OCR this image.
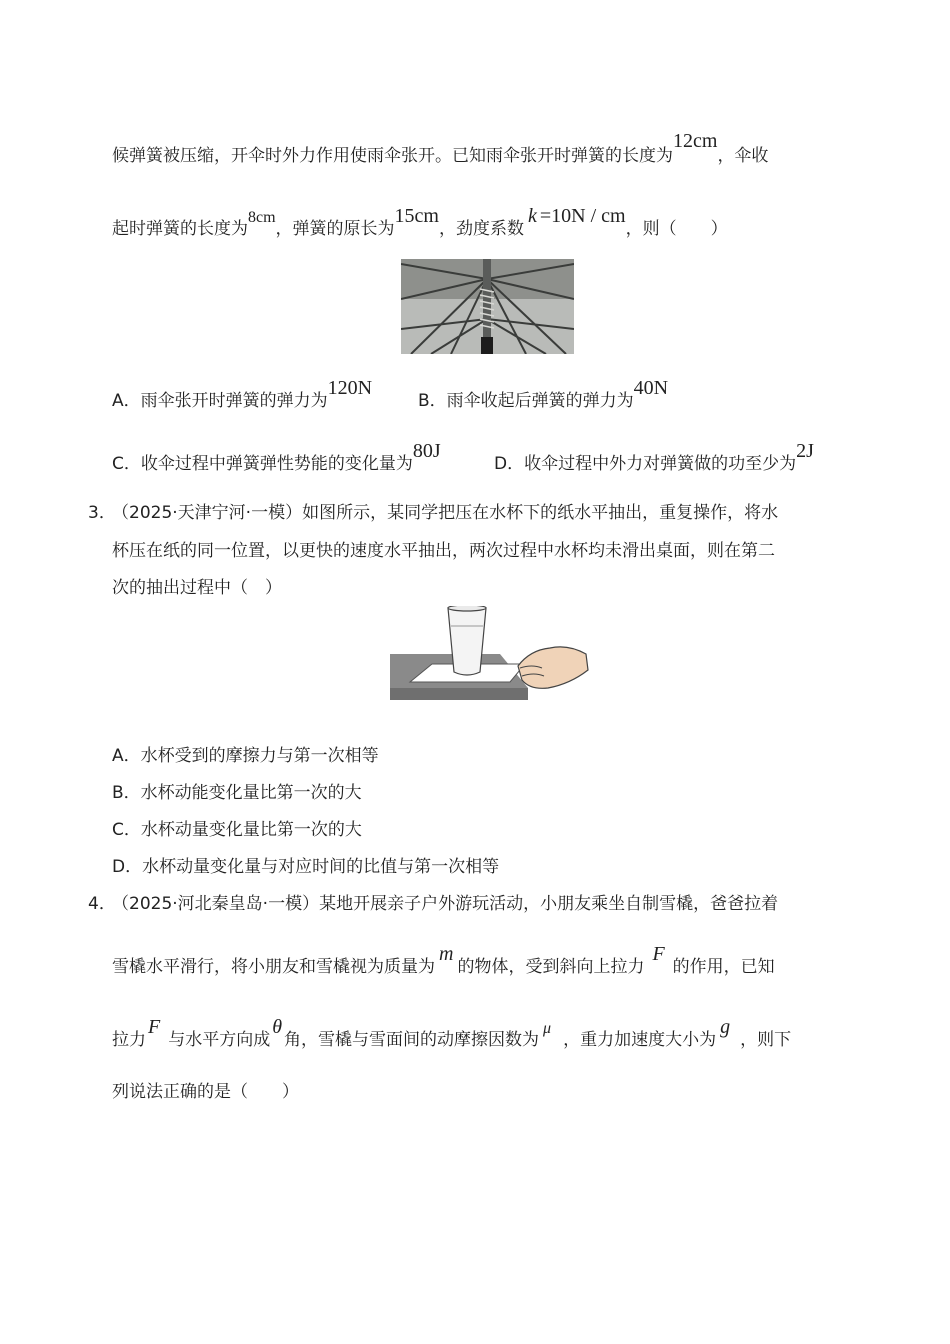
候弹簧被压缩，开伞时外力作用使雨伞张开。已知雨伞张开时弹簧的长度为12cm，伞收
起时弹簧的长度为8cm，弹簧的原长为15cm，劲度系数k =10N / cm，则（　　）
A．雨伞张开时弹簧的弹力为120N
B．雨伞收起后弹簧的弹力为40N
C．收伞过程中弹簧弹性势能的变化量为80J
D．收伞过程中外力对弹簧做的功至少为2J
3．
（2025·天津宁河·一模）如图所示，某同学把压在水杯下的纸水平抽出，重复操作，将水
杯压在纸的同一位置，以更快的速度水平抽出，两次过程中水杯均未滑出桌面，则在第二
次的抽出过程中（　）
A．水杯受到的摩擦力与第一次相等
B．水杯动能变化量比第一次的大
C．水杯动量变化量比第一次的大
D．水杯动量变化量与对应时间的比值与第一次相等
4．
（2025·河北秦皇岛·一模）某地开展亲子户外游玩活动，小朋友乘坐自制雪橇，爸爸拉着
雪橇水平滑行，将小朋友和雪橇视为质量为m的物体，受到斜向上拉力F的作用，已知
拉力F与水平方向成θ角，雪橇与雪面间的动摩擦因数为μ，重力加速度大小为g，则下
列说法正确的是（　　）
